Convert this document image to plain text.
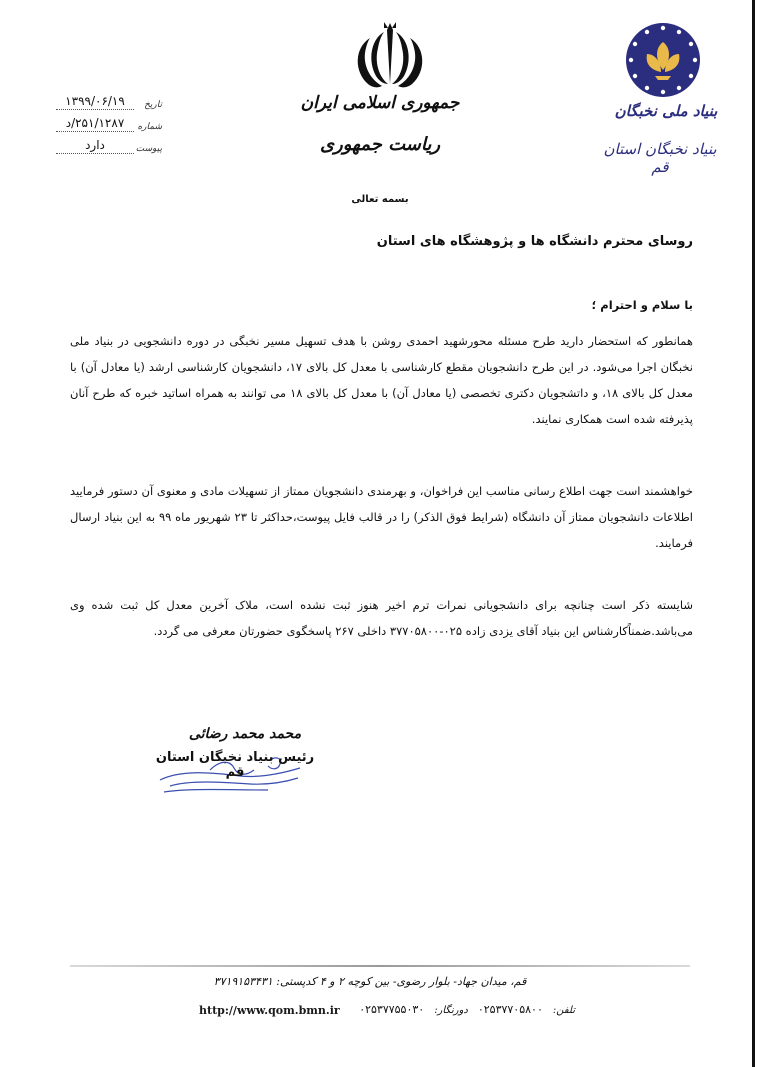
جمهوری اسلامی ایران
ریاست جمهوری
بنیاد ملی نخبگان
بنیاد نخبگان استان قم
تاریخ
۱۳۹۹/۰۶/۱۹
شماره
۲۵۱/۱۲۸۷/د
پیوست
دارد
بسمه تعالی
روسای محترم دانشگاه ها و پژوهشگاه های استان
با سلام و احترام ؛
همانطور که استحضار دارید طرح مسئله محورشهید احمدی روشن با هدف تسهیل مسیر نخبگی در دوره دانشجویی در بنیاد ملی نخبگان اجرا می‌شود. در این طرح دانشجویان مقطع کارشناسی با معدل کل بالای ۱۷، دانشجویان کارشناسی ارشد (یا معادل آن) با معدل کل بالای ۱۸، و داتشجویان دکتری تخصصی (یا معادل آن) با معدل کل بالای ۱۸ می توانند به همراه اساتید خبره که طرح آنان پذیرفته شده است همکاری نمایند.
خواهشمند است جهت اطلاع رسانی مناسب این فراخوان، و بهرمندی دانشجویان ممتاز از تسهیلات مادی و معنوی آن دستور فرمایید اطلاعات دانشجویان ممتاز آن دانشگاه (شرایط فوق الذکر) را در قالب فایل پیوست،حداکثر تا ۲۳ شهریور ماه ۹۹ به این بنیاد ارسال فرمایند.
شایسته ذکر است چنانچه برای دانشجویانی نمرات ترم اخیر هنوز ثبت نشده است، ملاک آخرین معدل کل ثبت شده وی می‌باشد.ضمناًکارشناس این بنیاد آقای یزدی زاده ۰۲۵-۳۷۷۰۵۸۰۰ داخلی ۲۶۷ پاسخگوی حضورتان معرفی می گردد.
محمد محمد رضائی
رئیس بنیاد نخبگان استان قم
قم، میدان جهاد- بلوار رضوی- بین کوچه ۲ و ۴ کدپستی: ۳۷۱۹۱۵۳۴۳۱
تلفن:
۰۲۵۳۷۷۰۵۸۰۰
دورنگار:
۰۲۵۳۷۷۵۵۰۳۰
http://www.qom.bmn.ir
